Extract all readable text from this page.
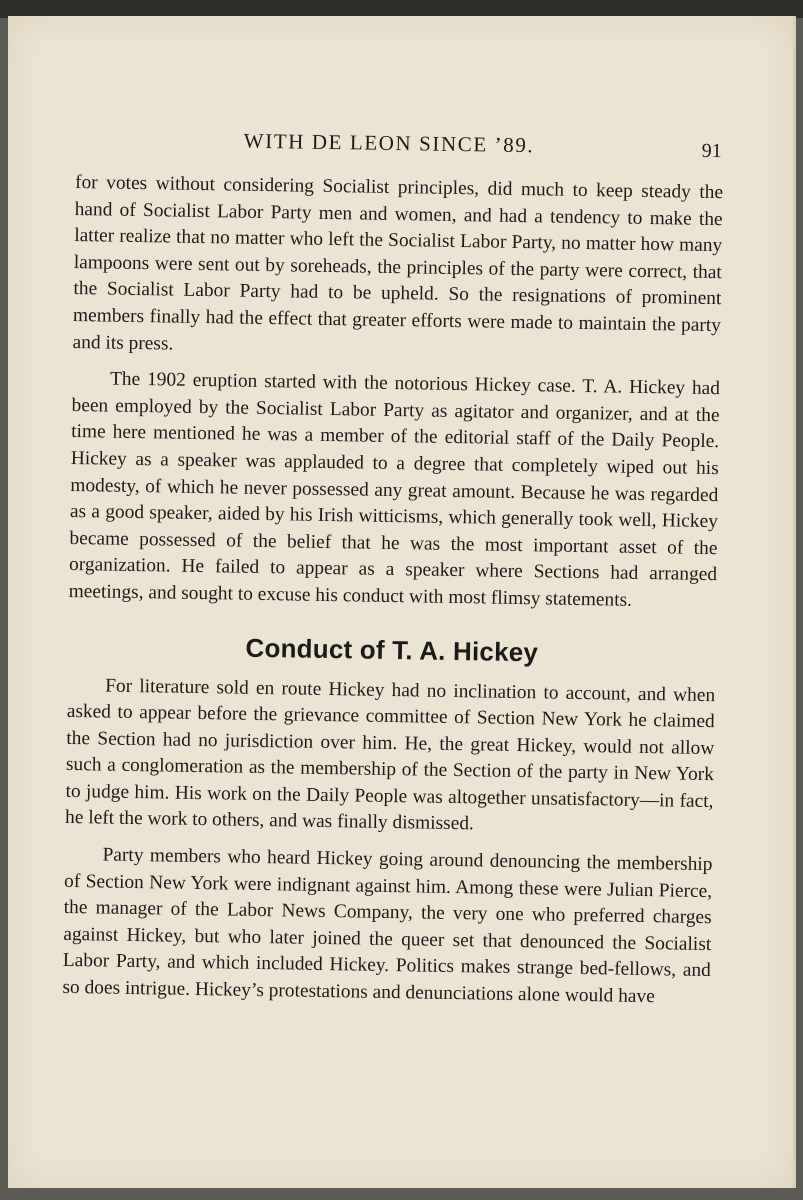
WITH DE LEON SINCE ’89.	91

for votes without considering Socialist principles, did much to keep steady the hand of Socialist Labor Party men and women, and had a tendency to make the latter realize that no matter who left the Socialist Labor Party, no matter how many lampoons were sent out by soreheads, the principles of the party were correct, that the Socialist Labor Party had to be upheld. So the resignations of prominent members finally had the effect that greater efforts were made to maintain the party and its press.

The 1902 eruption started with the notorious Hickey case. T. A. Hickey had been employed by the Socialist Labor Party as agitator and organizer, and at the time here mentioned he was a member of the editorial staff of the Daily People. Hickey as a speaker was applauded to a degree that completely wiped out his modesty, of which he never possessed any great amount. Because he was regarded as a good speaker, aided by his Irish witticisms, which generally took well, Hickey became possessed of the belief that he was the most important asset of the organization. He failed to appear as a speaker where Sections had arranged meetings, and sought to excuse his conduct with most flimsy statements.

Conduct of T. A. Hickey

For literature sold en route Hickey had no inclination to account, and when asked to appear before the grievance committee of Section New York he claimed the Section had no jurisdiction over him. He, the great Hickey, would not allow such a conglomeration as the membership of the Section of the party in New York to judge him. His work on the Daily People was altogether unsatisfactory—in fact, he left the work to others, and was finally dismissed.

Party members who heard Hickey going around denouncing the membership of Section New York were indignant against him. Among these were Julian Pierce, the manager of the Labor News Company, the very one who preferred charges against Hickey, but who later joined the queer set that denounced the Socialist Labor Party, and which included Hickey. Politics makes strange bed-fellows, and so does intrigue. Hickey’s protestations and denunciations alone would have
